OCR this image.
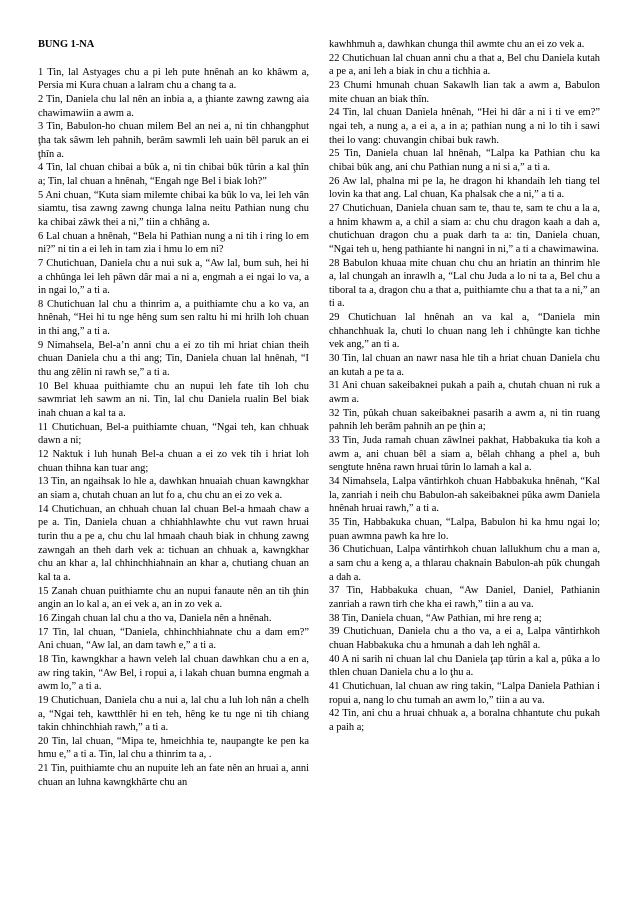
BUNG 1-NA

1 Tin, lal Astyages chu a pi leh pute hnênah an ko khâwm a, Persia mi Kura chuan a lalram chu a chang ta a.

2 Tin, Daniela chu lal nên an inbia a, a ţhiante zawng zawng aia chawimawiin a awm a.

3 Tin, Babulon-ho chuan milem Bel an nei a, ni tin chhangphut ţha tak sâwm leh pahnih, berâm sawmli leh uain bêl paruk an ei ţhîn a.

4 Tin, lal chuan chibai a bûk a, ni tin chibai bûk tûrin a kal ţhîn a; Tin, lal chuan a hnênah, “Engah nge Bel i biak loh?”

5 Ani chuan, “Kuta siam milemte chibai ka bûk lo va, lei leh vân siamtu, tisa zawng zawng chunga lalna neitu Pathian nung chu ka chibai zâwk thei a ni,” tiin a chhâng a.

6 Lal chuan a hnênah, “Bela hi Pathian nung a ni tih i ring lo em ni?” ni tin a ei leh in tam zia i hmu lo em ni?

7 Chutichuan, Daniela chu a nui suk a, “Aw lal, bum suh, hei hi a chhûnga lei leh pâwn dâr mai a ni a, engmah a ei ngai lo va, a in ngai lo,” a ti a.

8 Chutichuan lal chu a thinrim a, a puithiamte chu a ko va, an hnênah, “Hei hi tu nge hêng sum sen raltu hi mi hrilh loh chuan in thi ang,” a ti a.

9 Nimahsela, Bel-a’n anni chu a ei zo tih mi hriat chian theih chuan Daniela chu a thi ang; Tin, Daniela chuan lal hnênah, “I thu ang zêlin ni rawh se,” a ti a.

10 Bel khuaa puithiamte chu an nupui leh fate tih loh chu sawmriat leh sawm an ni. Tin, lal chu Daniela rualin Bel biak inah chuan a kal ta a.

11 Chutichuan, Bel-a puithiamte chuan, “Ngai teh, kan chhuak dawn a ni;

12 Naktuk i luh hunah Bel-a chuan a ei zo vek tih i hriat loh chuan thihna kan tuar ang;

13 Tin, an ngaihsak lo hle a, dawhkan hnuaiah chuan kawngkhar an siam a, chutah chuan an lut fo a, chu chu an ei zo vek a.

14 Chutichuan, an chhuah chuan lal chuan Bel-a hmaah chaw a pe a. Tin, Daniela chuan a chhiahhlawhte chu vut rawn hruai turin thu a pe a, chu chu lal hmaah chauh biak in chhung zawng zawngah an theh darh vek a: tichuan an chhuak a, kawngkhar chu an khar a, lal chhinchhiahnain an khar a, chutiang chuan an kal ta a.

15 Zanah chuan puithiamte chu an nupui fanaute nên an tih ţhin angin an lo kal a, an ei vek a, an in zo vek a.

16 Zingah chuan lal chu a tho va, Daniela nên a hnênah.

17 Tin, lal chuan, “Daniela, chhinchhiahnate chu a dam em?” Ani chuan, “Aw lal, an dam tawh e,” a ti a.

18 Tin, kawngkhar a hawn veleh lal chuan dawhkan chu a en a, aw ring takin, “Aw Bel, i ropui a, i lakah chuan bumna engmah a awm lo,” a ti a.

19 Chutichuan, Daniela chu a nui a, lal chu a luh loh nân a chelh a, “Ngai teh, kawtthlêr hi en teh, hêng ke tu nge ni tih chiang takin chhinchhiah rawh,” a ti a.

20 Tin, lal chuan, “Mipa te, hmeichhia te, naupangte ke pen ka hmu e,” a ti a. Tin, lal chu a thinrim ta a, .

21 Tin, puithiamte chu an nupuite leh an fate nên an hruai a, anni chuan an luhna kawngkhârte chu an

kawhhmuh a, dawhkan chunga thil awmte chu an ei zo vek a.

22 Chutichuan lal chuan anni chu a that a, Bel chu Daniela kutah a pe a, ani leh a biak in chu a tichhia a.

23 Chumi hmunah chuan Sakawlh lian tak a awm a, Babulon mite chuan an biak thîn.

24 Tin, lal chuan Daniela hnênah, “Hei hi dâr a ni i ti ve em?” ngai teh, a nung a, a ei a, a in a; pathian nung a ni lo tih i sawi thei lo vang: chuvangin chibai buk rawh.

25 Tin, Daniela chuan lal hnênah, “Lalpa ka Pathian chu ka chibai bûk ang, ani chu Pathian nung a ni si a,” a ti a.

26 Aw lal, phalna mi pe la, he dragon hi khandaih leh tiang tel lovin ka that ang. Lal chuan, Ka phalsak che a ni,” a ti a.

27 Chutichuan, Daniela chuan sam te, thau te, sam te chu a la a, a hnim khawm a, a chil a siam a: chu chu dragon kaah a dah a, chutichuan dragon chu a puak darh ta a: tin, Daniela chuan, “Ngai teh u, heng pathiante hi nangni in ni,” a ti a chawimawina.

28 Babulon khuaa mite chuan chu chu an hriatin an thinrim hle a, lal chungah an inrawlh a, “Lal chu Juda a lo ni ta a, Bel chu a tiboral ta a, dragon chu a that a, puithiamte chu a that ta a ni,” an ti a.

29 Chutichuan lal hnênah an va kal a, “Daniela min chhanchhuak la, chuti lo chuan nang leh i chhûngte kan tichhe vek ang,” an ti a.

30 Tin, lal chuan an nawr nasa hle tih a hriat chuan Daniela chu an kutah a pe ta a.

31 Ani chuan sakeibaknei pukah a paih a, chutah chuan ni ruk a awm a.

32 Tin, pûkah chuan sakeibaknei pasarih a awm a, ni tin ruang pahnih leh berâm pahnih an pe ţhin a;

33 Tin, Juda ramah chuan zâwlnei pakhat, Habbakuka tia koh a awm a, ani chuan bêl a siam a, bêlah chhang a phel a, buh sengtute hnêna rawn hruai tûrin lo lamah a kal a.

34 Nimahsela, Lalpa vântirhkoh chuan Habbakuka hnênah, “Kal la, zanriah i neih chu Babulon-ah sakeibaknei pûka awm Daniela hnênah hruai rawh,” a ti a.

35 Tin, Habbakuka chuan, “Lalpa, Babulon hi ka hmu ngai lo; puan awmna pawh ka hre lo.

36 Chutichuan, Lalpa vântirhkoh chuan lallukhum chu a man a, a sam chu a keng a, a thlarau chaknain Babulon-ah pûk chungah a dah a.

37 Tin, Habbakuka chuan, “Aw Daniel, Daniel, Pathianin zanriah a rawn tirh che kha ei rawh,” tiin a au va.

38 Tin, Daniela chuan, “Aw Pathian, mi hre reng a;

39 Chutichuan, Daniela chu a tho va, a ei a, Lalpa vântirhkoh chuan Habbakuka chu a hmunah a dah leh nghâl a.

40 A ni sarih ni chuan lal chu Daniela ţap tûrin a kal a, pûka a lo thlen chuan Daniela chu a lo ţhu a.

41 Chutichuan, lal chuan aw ring takin, “Lalpa Daniela Pathian i ropui a, nang lo chu tumah an awm lo,” tiin a au va.

42 Tin, ani chu a hruai chhuak a, a boralna chhantute chu pukah a paih a;
